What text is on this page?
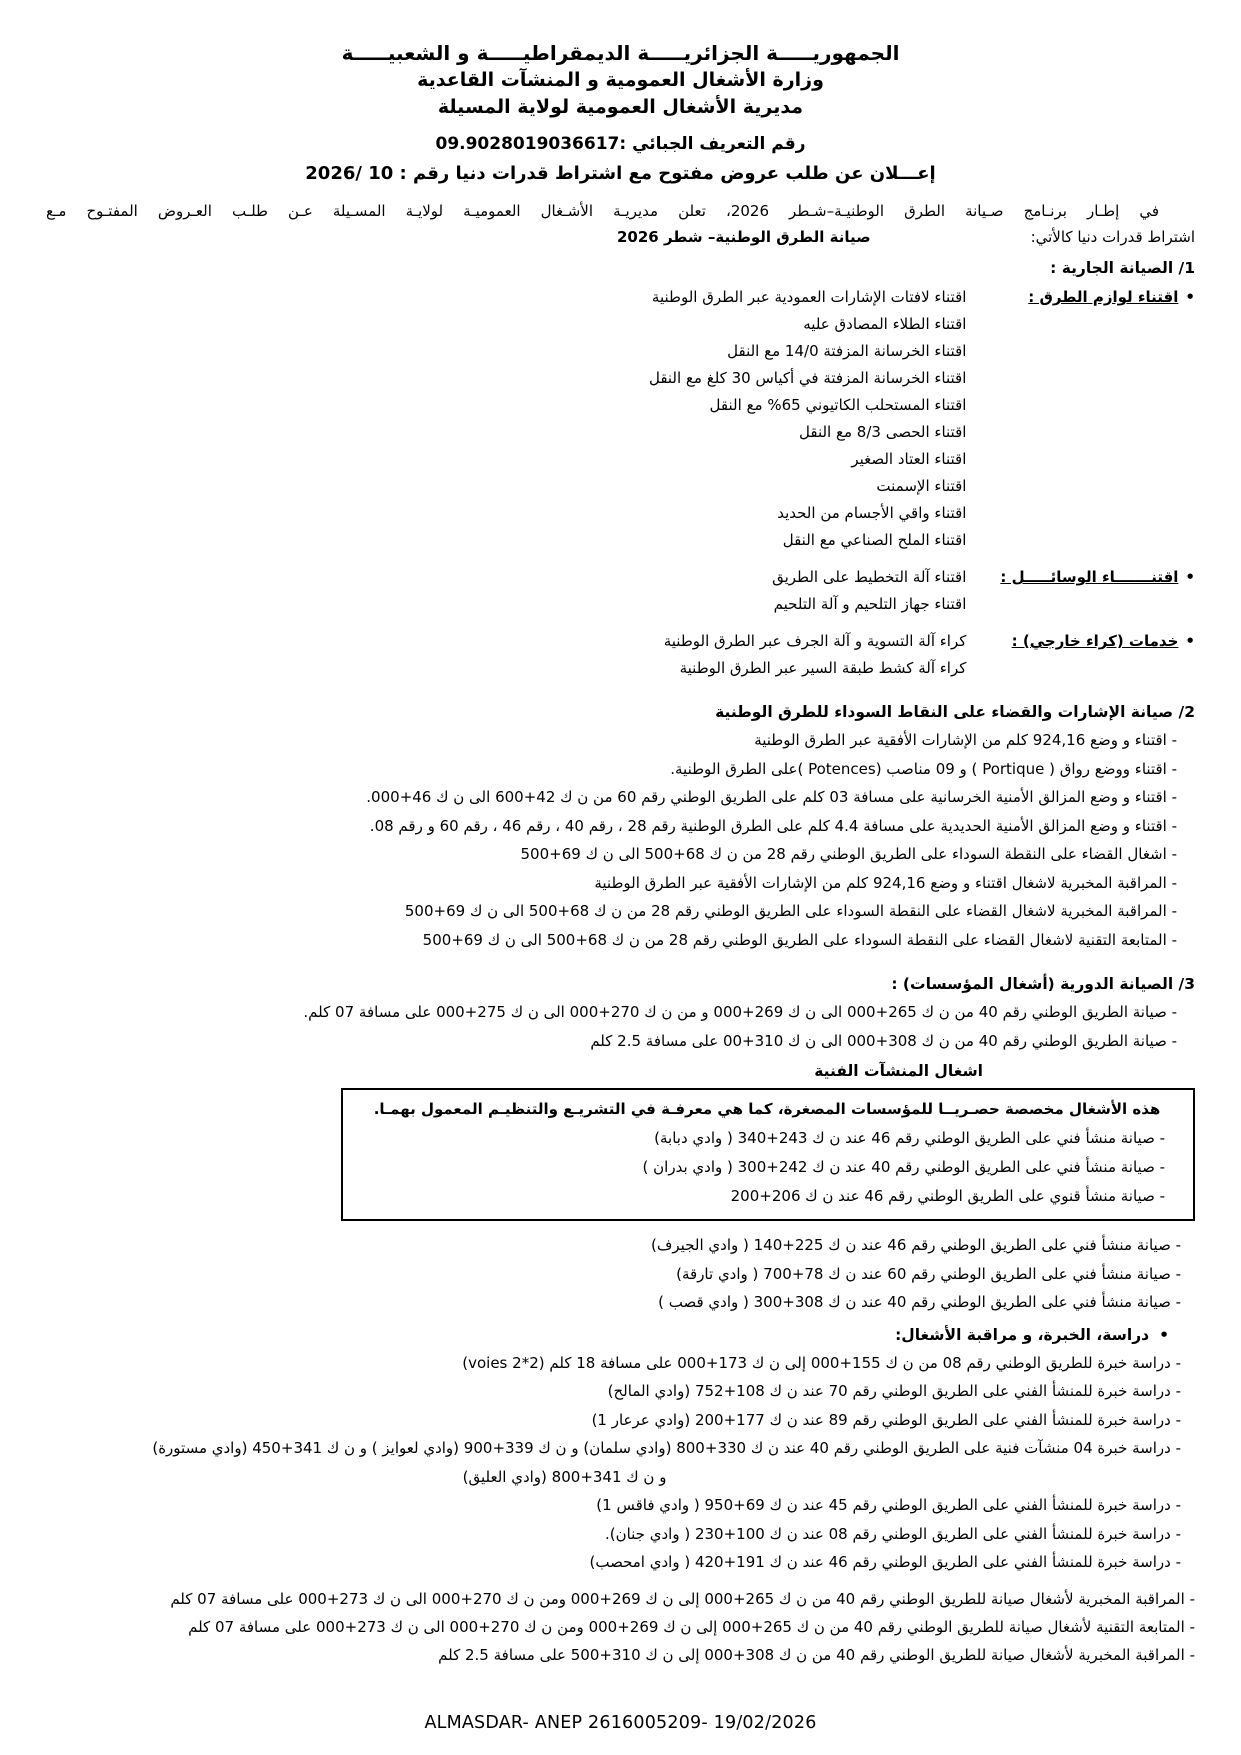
الجمهوريـــــة الجزائريـــــة الديمقراطيـــــة و الشعبيـــــة
وزارة الأشغال العمومية و المنشآت القاعدية
مديرية الأشغال العمومية لولاية المسيلة
رقم التعريف الجبائي :09.9028019036617
إعـــلان عن طلب عروض مفتوح مع اشتراط قدرات دنيا رقم : 10 /2026
في إطـار برنـامج صـيانة الطرق الوطنيـة–شـطر 2026، تعلن مديريـة الأشـغال العموميـة لولايـة المسـيلة عـن طلـب العـروض المفتـوح مـع
اشتراط قدرات دنيا كالأتي:صيانة الطرق الوطنية– شطر 2026
1/ الصيانة الجارية :
• اقتناء لوازم الطرق :
اقتناء لافتات الإشارات العمودية عبر الطرق الوطنية
اقتناء الطلاء المصادق عليه
اقتناء الخرسانة المزفتة 14/0 مع النقل
اقتناء الخرسانة المزفتة في أكياس 30 كلغ مع النقل
اقتناء المستحلب الكاتيوني 65% مع النقل
اقتناء الحصى 8/3 مع النقل
اقتناء العتاد الصغير
اقتناء الإسمنت
اقتناء واقي الأجسام من الحديد
اقتناء الملح الصناعي مع النقل
• اقتنـــــــاء الوسائـــــل :
اقتناء آلة التخطيط على الطريق
اقتناء جهاز التلحيم و آلة التلحيم
• خدمات (كراء خارجي) :
كراء آلة التسوية و آلة الجرف عبر الطرق الوطنية
كراء آلة كشط طبقة السير عبر الطرق الوطنية
2/ صيانة الإشارات والقضاء على النقاط السوداء للطرق الوطنية
- اقتناء و وضع 924,16 كلم من الإشارات الأفقية عبر الطرق الوطنية
- اقتناء ووضع رواق ( Portique ) و 09 مناصب (Potences )على الطرق الوطنية.
- اقتناء و وضع المزالق الأمنية الخرسانية على مسافة 03 كلم على الطريق الوطني رقم 60 من ن ك 42+600 الى ن ك 46+000.
- اقتناء و وضع المزالق الأمنية الحديدية على مسافة 4.4 كلم على الطرق الوطنية رقم 28 ، رقم 40 ، رقم 46 ، رقم 60 و رقم 08.
- اشغال القضاء على النقطة السوداء على الطريق الوطني رقم 28 من ن ك 68+500 الى ن ك 69+500
- المراقبة المخبرية لاشغال اقتناء و وضع 924,16 كلم من الإشارات الأفقية عبر الطرق الوطنية
- المراقبة المخبرية لاشغال القضاء على النقطة السوداء على الطريق الوطني رقم 28 من ن ك 68+500 الى ن ك 69+500
- المتابعة التقنية لاشغال القضاء على النقطة السوداء على الطريق الوطني رقم 28 من ن ك 68+500 الى ن ك 69+500
3/ الصيانة الدورية (أشغال المؤسسات) :
- صيانة الطريق الوطني رقم 40 من ن ك 265+000 الى ن ك 269+000 و من ن ك 270+000 الى ن ك 275+000 على مسافة 07 كلم.
- صيانة الطريق الوطني رقم 40 من ن ك 308+000 الى ن ك 310+00 على مسافة 2.5 كلم
اشغال المنشآت الفنية
هذه الأشغال مخصصة حصـريــا للمؤسسات المصغرة، كما هي معرفـة في التشريـع والتنظيـم المعمول بهمـا.
- صيانة منشأ فني على الطريق الوطني رقم 46 عند ن ك 243+340 ( وادي دبابة)
- صيانة منشأ فني على الطريق الوطني رقم 40 عند ن ك 242+300 ( وادي بدران )
- صيانة منشأ قنوي على الطريق الوطني رقم 46 عند ن ك 206+200
- صيانة منشأ فني على الطريق الوطني رقم 46 عند ن ك 225+140 ( وادي الجيرف)
- صيانة منشأ فني على الطريق الوطني رقم 60 عند ن ك 78+700 ( وادي تارقة)
- صيانة منشأ فني على الطريق الوطني رقم 40 عند ن ك 308+300 ( وادي قصب )
• دراسة، الخبرة، و مراقبة الأشغال:
- دراسة خبرة للطريق الوطني رقم 08 من ن ك 155+000 إلى ن ك 173+000 على مسافة 18 كلم (2*2 voies)
- دراسة خبرة للمنشأ الفني على الطريق الوطني رقم 70 عند ن ك 108+752 (وادي المالح)
- دراسة خبرة للمنشأ الفني على الطريق الوطني رقم 89 عند ن ك 177+200 (وادي عرعار 1)
- دراسة خبرة 04 منشآت فنية على الطريق الوطني رقم 40 عند ن ك 330+800 (وادي سلمان) و ن ك 339+900 (وادي لعوايز ) و ن ك 341+450 (وادي مستورة)
و ن ك 341+800 (وادي العليق)
- دراسة خبرة للمنشأ الفني على الطريق الوطني رقم 45 عند ن ك 69+950 ( وادي فاقس 1)
- دراسة خبرة للمنشأ الفني على الطريق الوطني رقم 08 عند ن ك 100+230 ( وادي جنان).
- دراسة خبرة للمنشأ الفني على الطريق الوطني رقم 46 عند ن ك 191+420 ( وادي امحصب)
- المراقبة المخبرية لأشغال صيانة للطريق الوطني رقم 40 من ن ك 265+000 إلى ن ك 269+000 ومن ن ك 270+000 الى ن ك 273+000 على مسافة 07 كلم
- المتابعة التقنية لأشغال صيانة للطريق الوطني رقم 40 من ن ك 265+000 إلى ن ك 269+000 ومن ن ك 270+000 الى ن ك 273+000 على مسافة 07 كلم
- المراقبة المخبرية لأشغال صيانة للطريق الوطني رقم 40 من ن ك 308+000 إلى ن ك 310+500 على مسافة 2.5 كلم
ALMASDAR- ANEP 2616005209- 19/02/2026
